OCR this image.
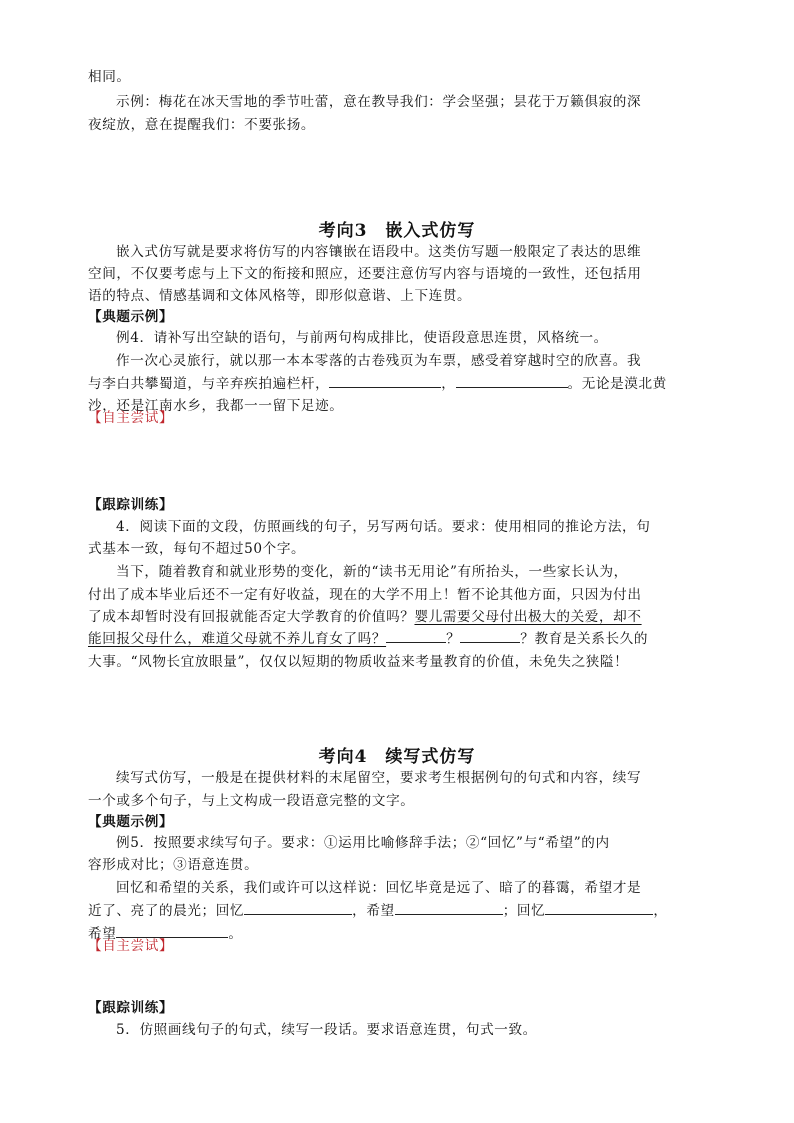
相同。
示例：梅花在冰天雪地的季节吐蕾，意在教导我们：学会坚强；昙花于万籁俱寂的深
夜绽放，意在提醒我们：不要张扬。
考向3　嵌入式仿写
嵌入式仿写就是要求将仿写的内容镶嵌在语段中。这类仿写题一般限定了表达的思维
空间，不仅要考虑与上下文的衔接和照应，还要注意仿写内容与语境的一致性，还包括用
语的特点、情感基调和文体风格等，即形似意谐、上下连贯。
【典题示例】
例4．请补写出空缺的语句，与前两句构成排比，使语段意思连贯，风格统一。
作一次心灵旅行，就以那一本本零落的古卷残页为车票，感受着穿越时空的欣喜。我
与李白共攀蜀道，与辛弃疾拍遍栏杆，	，	。无论是漠北黄
沙，还是江南水乡，我都一一留下足迹。
【自主尝试】
【跟踪训练】
4．阅读下面的文段，仿照画线的句子，另写两句话。要求：使用相同的推论方法，句
式基本一致，每句不超过50个字。
当下，随着教育和就业形势的变化，新的“读书无用论”有所抬头，一些家长认为，
付出了成本毕业后还不一定有好收益，现在的大学不用上！暂不论其他方面，只因为付出
了成本却暂时没有回报就能否定大学教育的价值吗？婴儿需要父母付出极大的关爱，却不
能回报父母什么，难道父母就不养儿育女了吗？	？	？教育是关系长久的
大事。“风物长宜放眼量”，仅仅以短期的物质收益来考量教育的价值，未免失之狭隘！
考向4　续写式仿写
续写式仿写，一般是在提供材料的末尾留空，要求考生根据例句的句式和内容，续写
一个或多个句子，与上文构成一段语意完整的文字。
【典题示例】
例5．按照要求续写句子。要求：①运用比喻修辞手法；②“回忆”与“希望”的内
容形成对比；③语意连贯。
回忆和希望的关系，我们或许可以这样说：回忆毕竟是远了、暗了的暮霭，希望才是
近了、亮了的晨光；回忆	，希望	；回忆	，
希望	。
【自主尝试】
【跟踪训练】
5．仿照画线句子的句式，续写一段话。要求语意连贯，句式一致。
